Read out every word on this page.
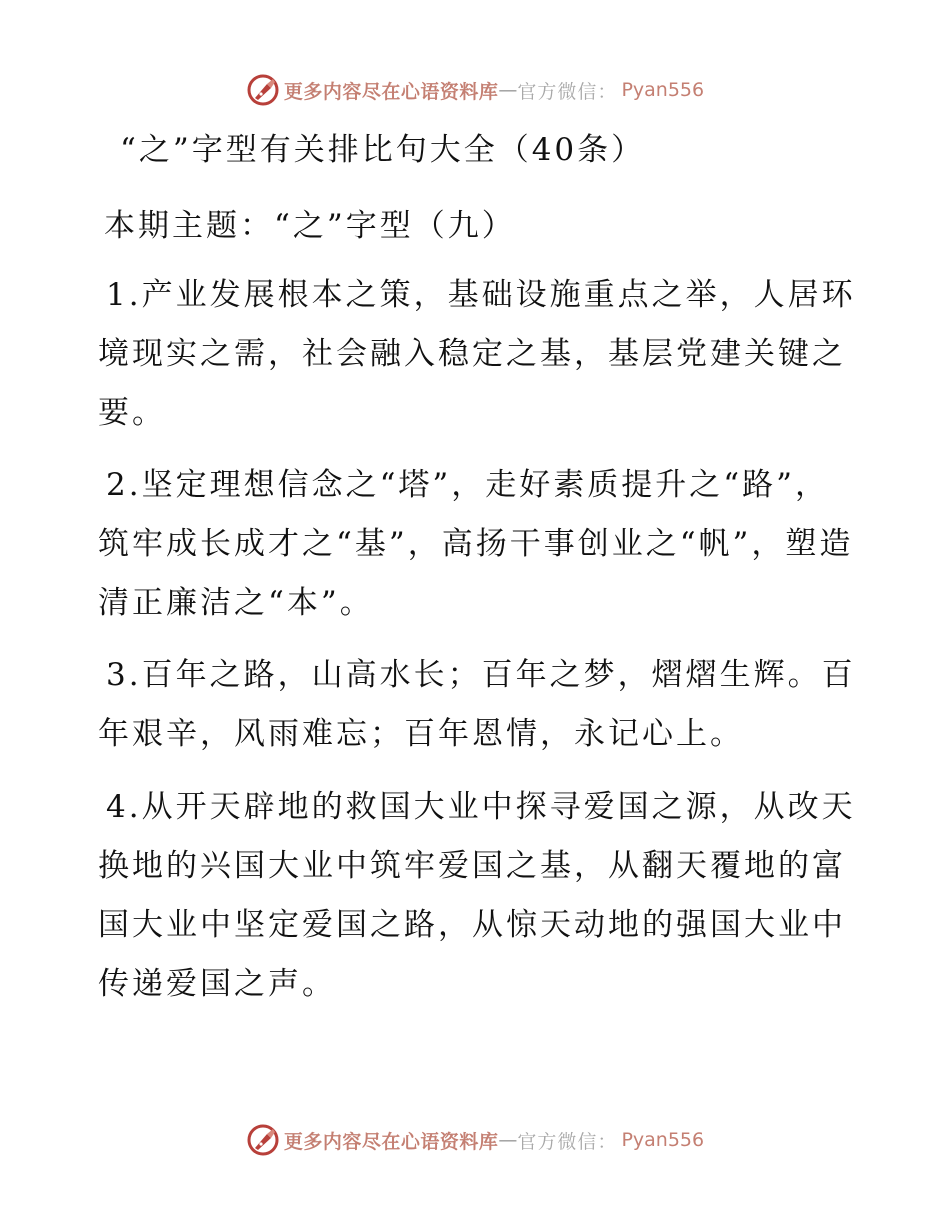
更多内容尽在心语资料库 — 官方微信： Pyan556
“之”字型有关排比句大全（40条）
本期主题：“之”字型（九）
1.产业发展根本之策，基础设施重点之举，人居环境现实之需，社会融入稳定之基，基层党建关键之要。
2.坚定理想信念之“塔”，走好素质提升之“路”，筑牢成长成才之“基”，高扬干事创业之“帆”，塑造清正廉洁之“本”。
3.百年之路，山高水长；百年之梦，熠熠生辉。百年艰辛，风雨难忘；百年恩情，永记心上。
4.从开天辟地的救国大业中探寻爱国之源，从改天换地的兴国大业中筑牢爱国之基，从翻天覆地的富国大业中坚定爱国之路，从惊天动地的强国大业中传递爱国之声。
更多内容尽在心语资料库 — 官方微信： Pyan556
